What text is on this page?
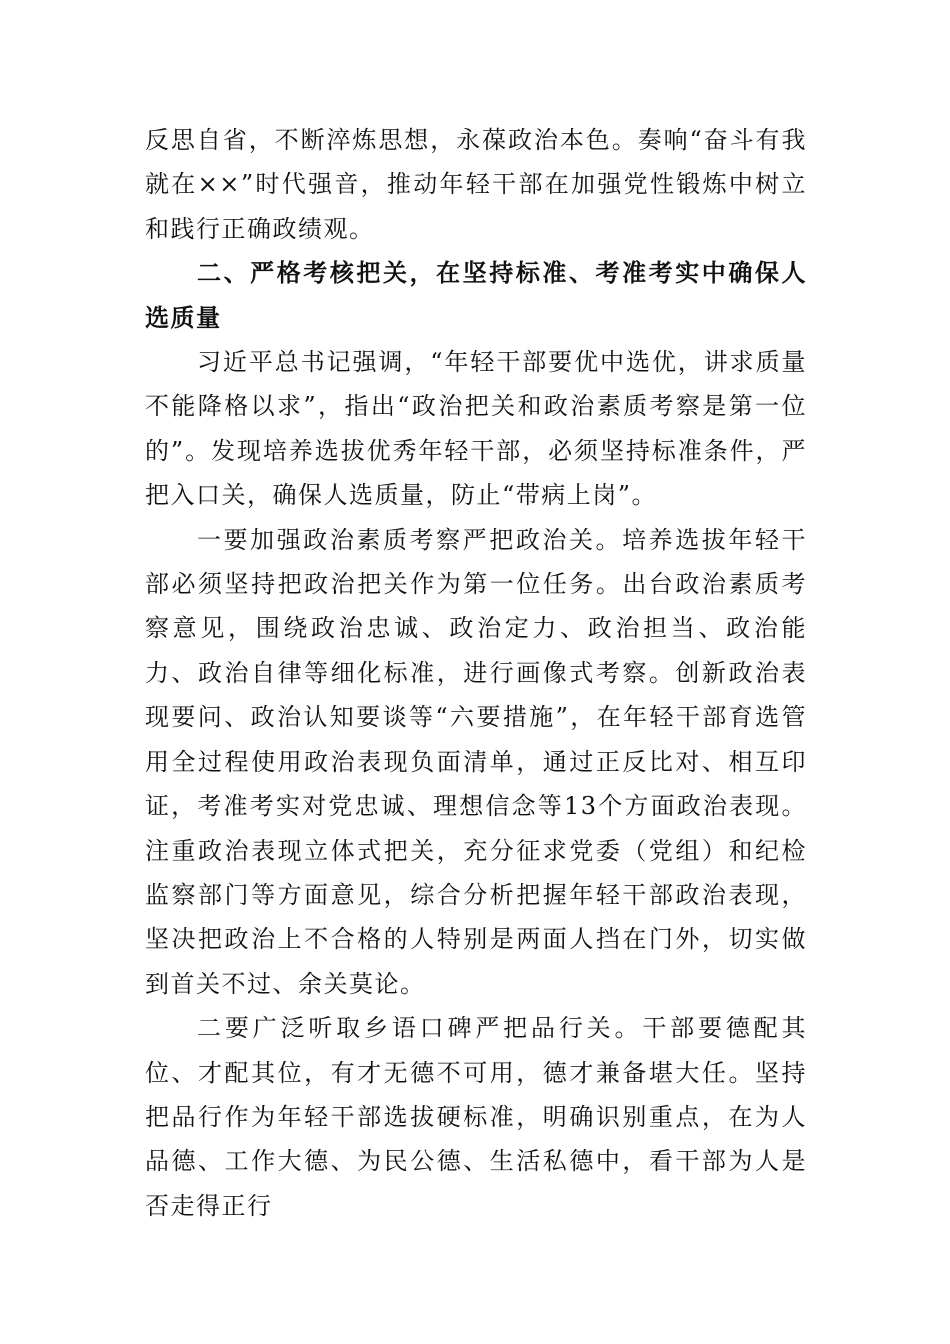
反思自省，不断淬炼思想，永葆政治本色。奏响“奋斗有我就在××”时代强音，推动年轻干部在加强党性锻炼中树立和践行正确政绩观。

二、严格考核把关，在坚持标准、考准考实中确保人选质量

习近平总书记强调，“年轻干部要优中选优，讲求质量不能降格以求”，指出“政治把关和政治素质考察是第一位的”。发现培养选拔优秀年轻干部，必须坚持标准条件，严把入口关，确保人选质量，防止“带病上岗”。

一要加强政治素质考察严把政治关。培养选拔年轻干部必须坚持把政治把关作为第一位任务。出台政治素质考察意见，围绕政治忠诚、政治定力、政治担当、政治能力、政治自律等细化标准，进行画像式考察。创新政治表现要问、政治认知要谈等“六要措施”，在年轻干部育选管用全过程使用政治表现负面清单，通过正反比对、相互印证，考准考实对党忠诚、理想信念等13个方面政治表现。注重政治表现立体式把关，充分征求党委（党组）和纪检监察部门等方面意见，综合分析把握年轻干部政治表现，坚决把政治上不合格的人特别是两面人挡在门外，切实做到首关不过、余关莫论。

二要广泛听取乡语口碑严把品行关。干部要德配其位、才配其位，有才无德不可用，德才兼备堪大任。坚持把品行作为年轻干部选拔硬标准，明确识别重点，在为人品德、工作大德、为民公德、生活私德中，看干部为人是否走得正行
